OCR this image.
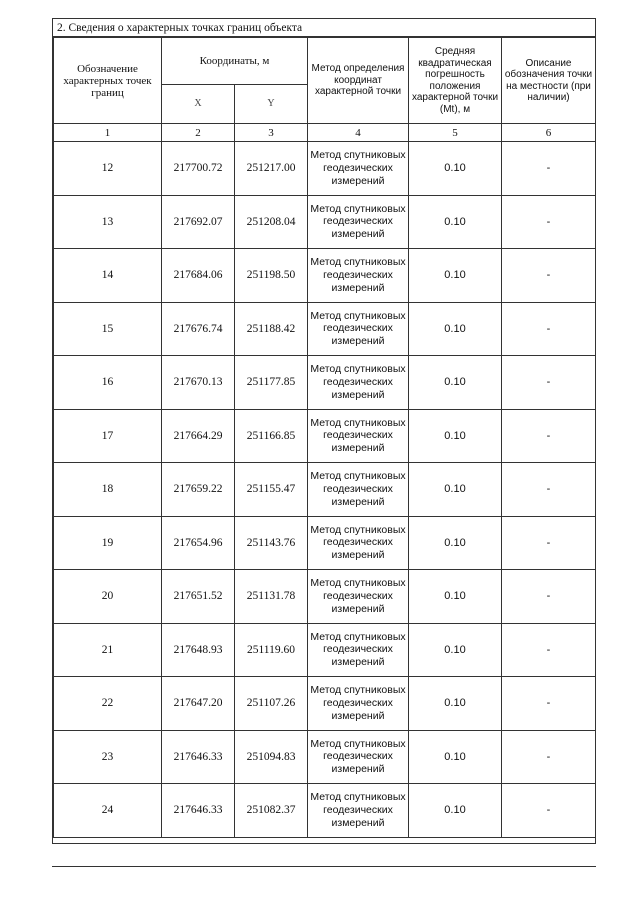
2. Сведения о характерных точках границ объекта
Обозначение характерных точек границ	Координаты, м		Метод определения координат характерной точки	Средняя квадратическая погрешность положения характерной точки (Mt), м	Описание обозначения точки на местности (при наличии)
	X	Y			
1	2	3	4	5	6
12	217700.72	251217.00	Метод спутниковых геодезических измерений	0.10	-
13	217692.07	251208.04	Метод спутниковых геодезических измерений	0.10	-
14	217684.06	251198.50	Метод спутниковых геодезических измерений	0.10	-
15	217676.74	251188.42	Метод спутниковых геодезических измерений	0.10	-
16	217670.13	251177.85	Метод спутниковых геодезических измерений	0.10	-
17	217664.29	251166.85	Метод спутниковых геодезических измерений	0.10	-
18	217659.22	251155.47	Метод спутниковых геодезических измерений	0.10	-
19	217654.96	251143.76	Метод спутниковых геодезических измерений	0.10	-
20	217651.52	251131.78	Метод спутниковых геодезических измерений	0.10	-
21	217648.93	251119.60	Метод спутниковых геодезических измерений	0.10	-
22	217647.20	251107.26	Метод спутниковых геодезических измерений	0.10	-
23	217646.33	251094.83	Метод спутниковых геодезических измерений	0.10	-
24	217646.33	251082.37	Метод спутниковых геодезических измерений	0.10	-
